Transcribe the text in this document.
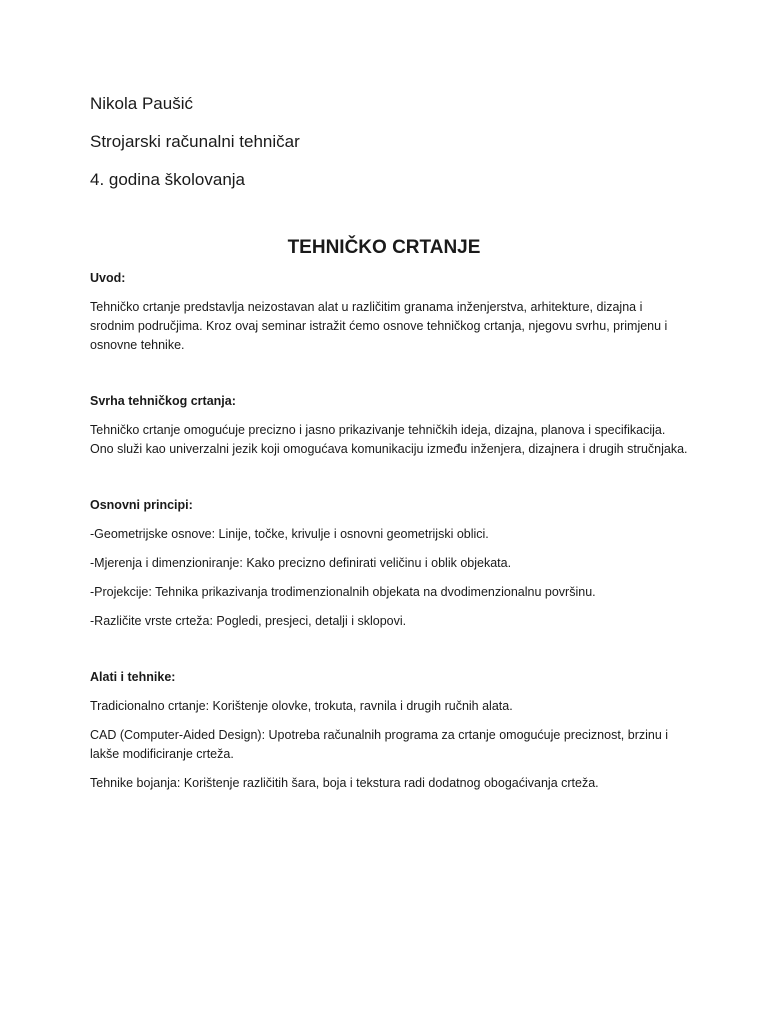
Nikola Paušić

Strojarski računalni tehničar

4. godina školovanja

TEHNIČKO CRTANJE

Uvod:

Tehničko crtanje predstavlja neizostavan alat u različitim granama inženjerstva, arhitekture, dizajna i srodnim područjima. Kroz ovaj seminar istražit ćemo osnove tehničkog crtanja, njegovu svrhu, primjenu i osnovne tehnike.

Svrha tehničkog crtanja:

Tehničko crtanje omogućuje precizno i jasno prikazivanje tehničkih ideja, dizajna, planova i specifikacija. Ono služi kao univerzalni jezik koji omogućava komunikaciju između inženjera, dizajnera i drugih stručnjaka.

Osnovni principi:

-Geometrijske osnove: Linije, točke, krivulje i osnovni geometrijski oblici.

-Mjerenja i dimenzioniranje: Kako precizno definirati veličinu i oblik objekata.

-Projekcije: Tehnika prikazivanja trodimenzionalnih objekata na dvodimenzionalnu površinu.

-Različite vrste crteža: Pogledi, presjeci, detalji i sklopovi.

Alati i tehnike:

Tradicionalno crtanje: Korištenje olovke, trokuta, ravnila i drugih ručnih alata.

CAD (Computer-Aided Design): Upotreba računalnih programa za crtanje omogućuje preciznost, brzinu i lakše modificiranje crteža.

Tehnike bojanja: Korištenje različitih šara, boja i tekstura radi dodatnog obogaćivanja crteža.
